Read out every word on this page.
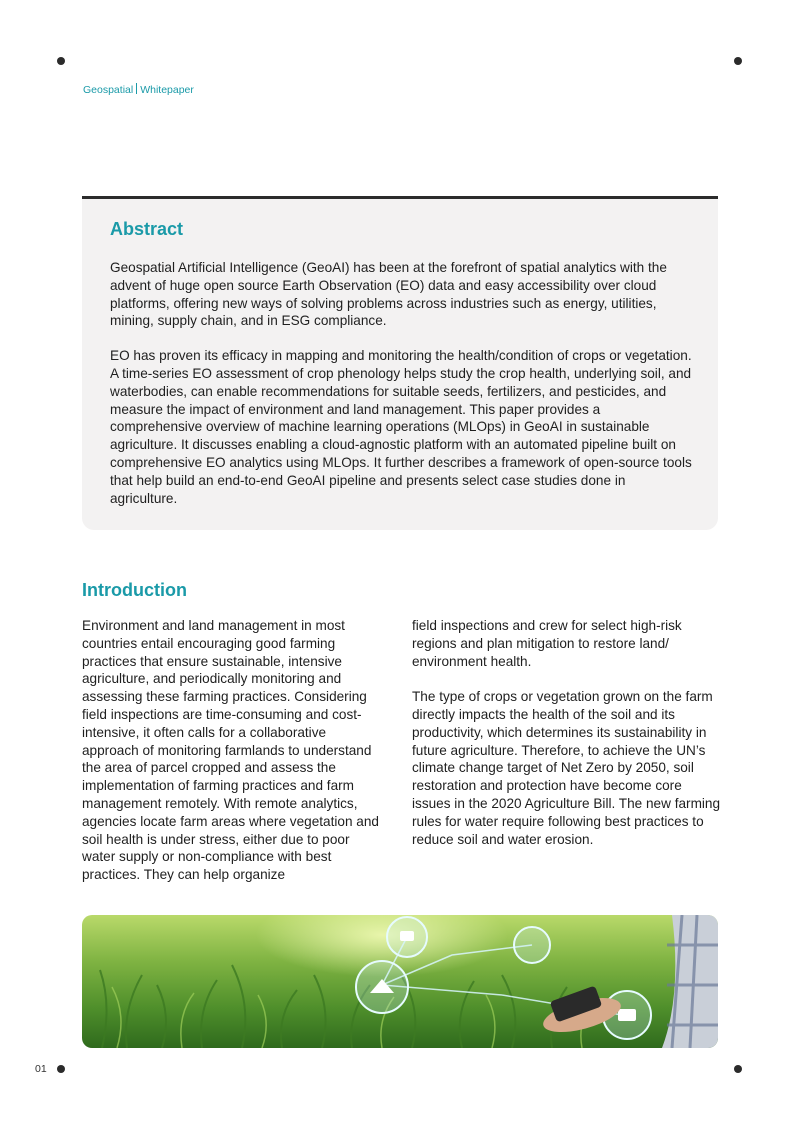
Geospatial Whitepaper
Abstract

Geospatial Artificial Intelligence (GeoAI) has been at the forefront of spatial analytics with the advent of huge open source Earth Observation (EO) data and easy accessibility over cloud platforms, offering new ways of solving problems across industries such as energy, utilities, mining, supply chain, and in ESG compliance.

EO has proven its efficacy in mapping and monitoring the health/condition of crops or vegetation. A time-series EO assessment of crop phenology helps study the crop health, underlying soil, and waterbodies, can enable recommendations for suitable seeds, fertilizers, and pesticides, and measure the impact of environment and land management. This paper provides a comprehensive overview of machine learning operations (MLOps) in GeoAI in sustainable agriculture. It discusses enabling a cloud-agnostic platform with an automated pipeline built on comprehensive EO analytics using MLOps. It further describes a framework of open-source tools that help build an end-to-end GeoAI pipeline and presents select case studies done in agriculture.

Introduction

Environment and land management in most countries entail encouraging good farming practices that ensure sustainable, intensive agriculture, and periodically monitoring and assessing these farming practices. Considering field inspections are time-consuming and cost-intensive, it often calls for a collaborative approach of monitoring farmlands to understand the area of parcel cropped and assess the implementation of farming practices and farm management remotely. With remote analytics, agencies locate farm areas where vegetation and soil health is under stress, either due to poor water supply or non-compliance with best practices. They can help organize

field inspections and crew for select high-risk regions and plan mitigation to restore land/ environment health.

The type of crops or vegetation grown on the farm directly impacts the health of the soil and its productivity, which determines its sustainability in future agriculture. Therefore, to achieve the UN’s climate change target of Net Zero by 2050, soil restoration and protection have become core issues in the 2020 Agriculture Bill. The new farming rules for water require following best practices to reduce soil and water erosion.

01
